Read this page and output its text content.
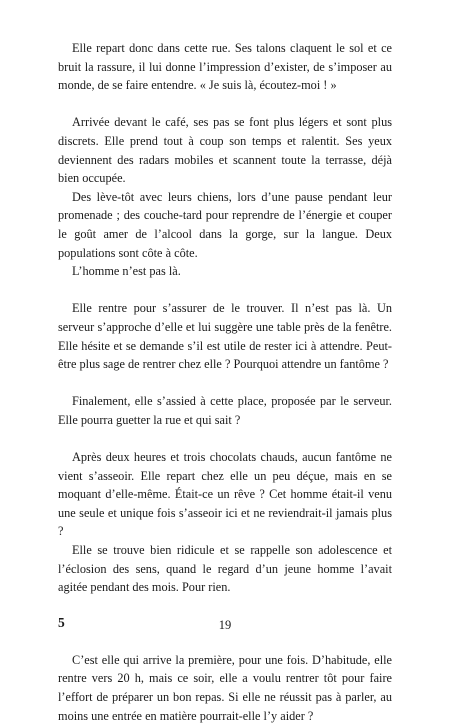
Elle repart donc dans cette rue. Ses talons claquent le sol et ce bruit la rassure, il lui donne l’impression d’exister, de s’imposer au monde, de se faire entendre. « Je suis là, écoutez-moi ! »

Arrivée devant le café, ses pas se font plus légers et sont plus discrets. Elle prend tout à coup son temps et ralentit. Ses yeux deviennent des radars mobiles et scannent toute la terrasse, déjà bien occupée.

Des lève-tôt avec leurs chiens, lors d’une pause pendant leur promenade ; des couche-tard pour reprendre de l’énergie et couper le goût amer de l’alcool dans la gorge, sur la langue. Deux populations sont côte à côte.

L’homme n’est pas là.

Elle rentre pour s’assurer de le trouver. Il n’est pas là. Un serveur s’approche d’elle et lui suggère une table près de la fenêtre. Elle hésite et se demande s’il est utile de rester ici à attendre. Peut-être plus sage de rentrer chez elle ? Pourquoi attendre un fantôme ?

Finalement, elle s’assied à cette place, proposée par le serveur. Elle pourra guetter la rue et qui sait ?

Après deux heures et trois chocolats chauds, aucun fantôme ne vient s’asseoir. Elle repart chez elle un peu déçue, mais en se moquant d’elle-même. Était-ce un rêve ? Cet homme était-il venu une seule et unique fois s’asseoir ici et ne reviendrait-il jamais plus ?

Elle se trouve bien ridicule et se rappelle son adolescence et l’éclosion des sens, quand le regard d’un jeune homme l’avait agitée pendant des mois. Pour rien.

5

C’est elle qui arrive la première, pour une fois. D’habitude, elle rentre vers 20 h, mais ce soir, elle a voulu rentrer tôt pour faire l’effort de préparer un bon repas. Si elle ne réussit pas à parler, au moins une entrée en matière pourrait-elle l’y aider ?

19
